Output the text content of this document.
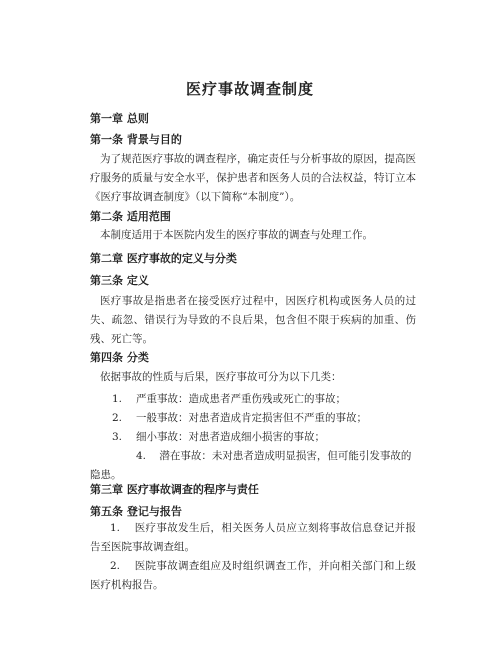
医疗事故调查制度
第一章 总则
第一条 背景与目的
为了规范医疗事故的调查程序，确定责任与分析事故的原因，提高医疗服务的质量与安全水平，保护患者和医务人员的合法权益，特订立本《医疗事故调查制度》（以下简称“本制度”）。
第二条 适用范围
本制度适用于本医院内发生的医疗事故的调查与处理工作。
第二章 医疗事故的定义与分类
第三条 定义
医疗事故是指患者在接受医疗过程中，因医疗机构或医务人员的过失、疏忽、错误行为导致的不良后果，包含但不限于疾病的加重、伤残、死亡等。
第四条 分类
依据事故的性质与后果，医疗事故可分为以下几类：
1. 严重事故：造成患者严重伤残或死亡的事故；
2. 一般事故：对患者造成肯定损害但不严重的事故；
3. 细小事故：对患者造成细小损害的事故；
4. 潜在事故：未对患者造成明显损害，但可能引发事故的隐患。
第三章 医疗事故调查的程序与责任
第五条 登记与报告
1. 医疗事故发生后，相关医务人员应立刻将事故信息登记并报告至医院事故调查组。
2. 医院事故调查组应及时组织调查工作，并向相关部门和上级医疗机构报告。
